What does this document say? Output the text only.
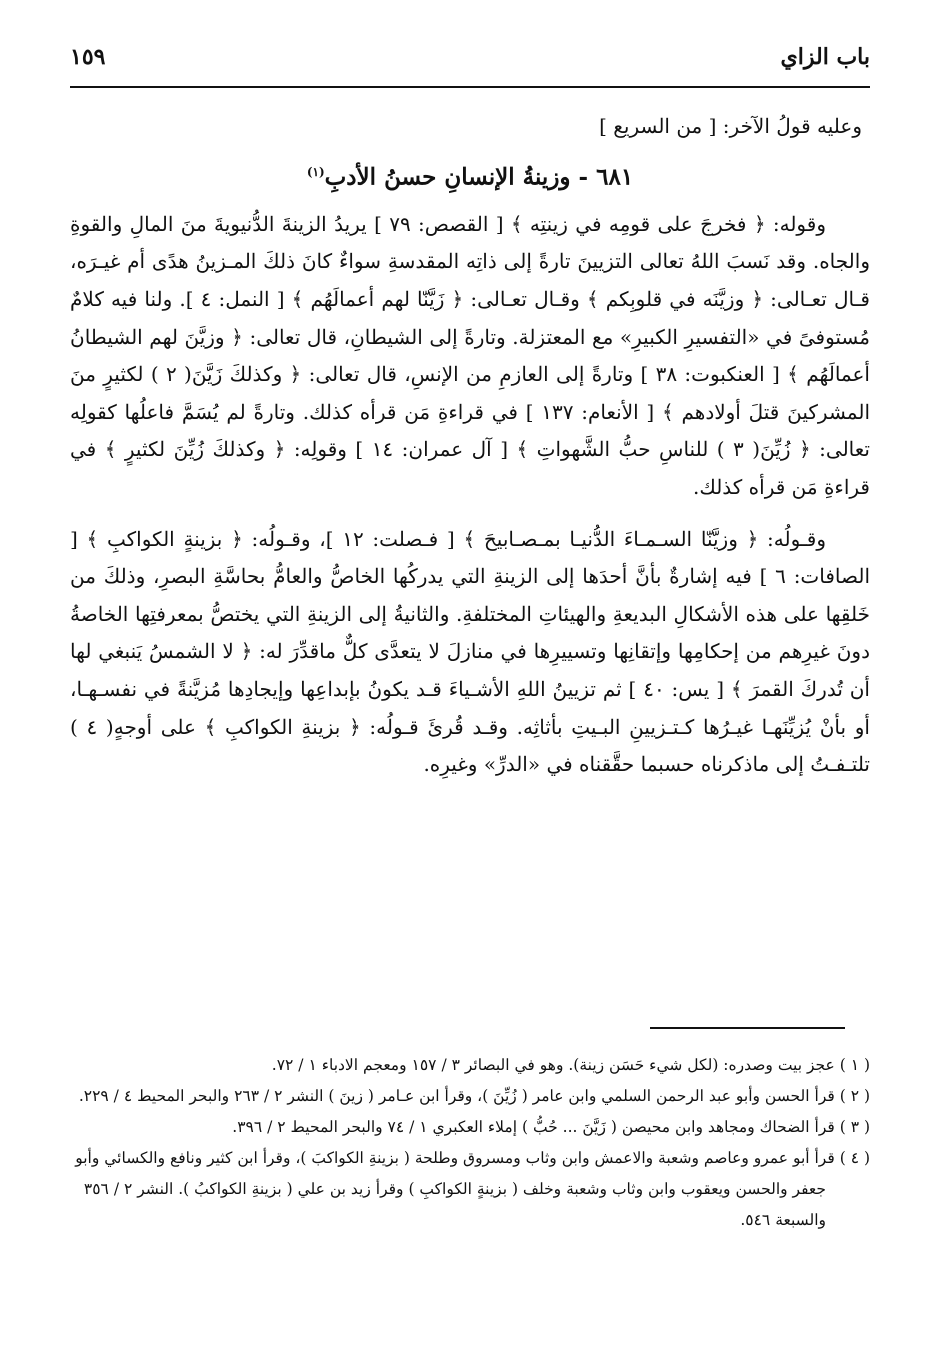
باب الزاي
١٥٩

وعليه قولُ الآخر: [ من السريع ]

٦٨١ - وزينةُ الإنسانِ حسنُ الأدبِ$^{(١)}$

وقوله: ﴿ فخرجَ على قومِه في زينتِه ﴾ [ القصص: ٧٩ ] يريدُ الزينةَ الدُّنيويةَ منَ المالِ والقوةِ والجاه. وقد نَسبَ اللهُ تعالى التزيينَ تارةً إلى ذاتِه المقدسةِ سواءٌ كانَ ذلكَ المـزينُ هدًى أم غيـرَه، قـال تعـالى: ﴿ وزيَّنَه في قلوبِكم ﴾ وقـال تعـالى: ﴿ زَيَّنّا لهم أعمالَهُم ﴾ [ النمل: ٤ ]. ولنا فيه كلامٌ مُستوفىً في «التفسيرِ الكبيرِ» مع المعتزلة. وتارةً إلى الشيطانِ، قال تعالى: ﴿ وزيَّنَ لهم الشيطانُ أعمالَهُم ﴾ [ العنكبوت: ٣٨ ] وتارةً إلى العازمِ من الإنسِ، قال تعالى: ﴿ وكذلكَ زَيَّنَ( ٢ ) لكثيرٍ منَ المشركينَ قتلَ أولادهم ﴾ [ الأنعام: ١٣٧ ] في قراءةِ مَن قرأه كذلك. وتارةً لم يُسَمَّ فاعلُها كقولِه تعالى: ﴿ زُيِّنَ( ٣ ) للناسِ حبُّ الشَّهواتِ ﴾ [ آل عمران: ١٤ ] وقولِه: ﴿ وكذلكَ زُيِّنَ لكثيرٍ ﴾ في قراءةِ مَن قرأه كذلك.

وقـولُه: ﴿ وزيَّنّا السـمـاءَ الدُّنيـا بمـصـابيحَ ﴾ [ فـصلت: ١٢ ]، وقـولُه: ﴿ بزينةٍ الكواكبِ ﴾ [ الصافات: ٦ ] فيه إشارةٌ بأنَّ أحدَها إلى الزينةِ التي يدركُها الخاصُّ والعامُّ بحاسَّةِ البصرِ، وذلكَ من خَلقِها على هذه الأشكالِ البديعةِ والهيئاتِ المختلفةِ. والثانيةُ إلى الزينةِ التي يختصُّ بمعرفتِها الخاصةُ دونَ غيرِهم من إحكامِها وإتقانِها وتسييرِها في منازلَ لا يتعدَّى كلٌّ ماقدِّرَ له: ﴿ لا الشمسُ يَنبغي لها أن تُدركَ القمرَ ﴾ [ يس: ٤٠ ] ثم تزيينُ اللهِ الأشـياءَ قـد يكونُ بإبداعِها وإيجادِها مُزيَّنةً في نفسـهـا، أو بأنْ يُزيِّنَهـا غيـرُها كـتـزيينِ البـيتِ بأثاثِه. وقـد قُرئَ قـولُه: ﴿ بزينةِ الكواكبِ ﴾ على أوجهٍ( ٤ ) تلتـفـتُ إلى ماذكرناه حسبما حقَّقناه في «الدرِّ» وغيرِه.

( ١ ) عجز بيت وصدره: (لكل شيء حَسَن زينة). وهو في البصائر ٣ / ١٥٧ ومعجم الادباء ١ / ٧٢.

( ٢ ) قرأ الحسن وأبو عبد الرحمن السلمي وابن عامر ( زُيِّنَ )، وقرأ ابن عـامر ( زينَ ) النشر ٢ / ٢٦٣ والبحر المحيط ٤ / ٢٢٩.

( ٣ ) قرأ الضحاك ومجاهد وابن محيصن ( زَيَّنَ ... حُبُّ ) إملاء العكبري ١ / ٧٤ والبحر المحيط ٢ / ٣٩٦.

( ٤ ) قرأ أبو عمرو وعاصم وشعبة والاعمش وابن وثاب ومسروق وطلحة ( بزينةِ الكواكبَ )، وقرأ ابن كثير ونافع والكسائي وأبو جعفر والحسن ويعقوب وابن وثاب وشعبة وخلف ( بزينةٍ الكواكبِ ) وقرأ زيد بن علي ( بزينةِ الكواكبُ ). النشر ٢ / ٣٥٦ والسبعة ٥٤٦.
